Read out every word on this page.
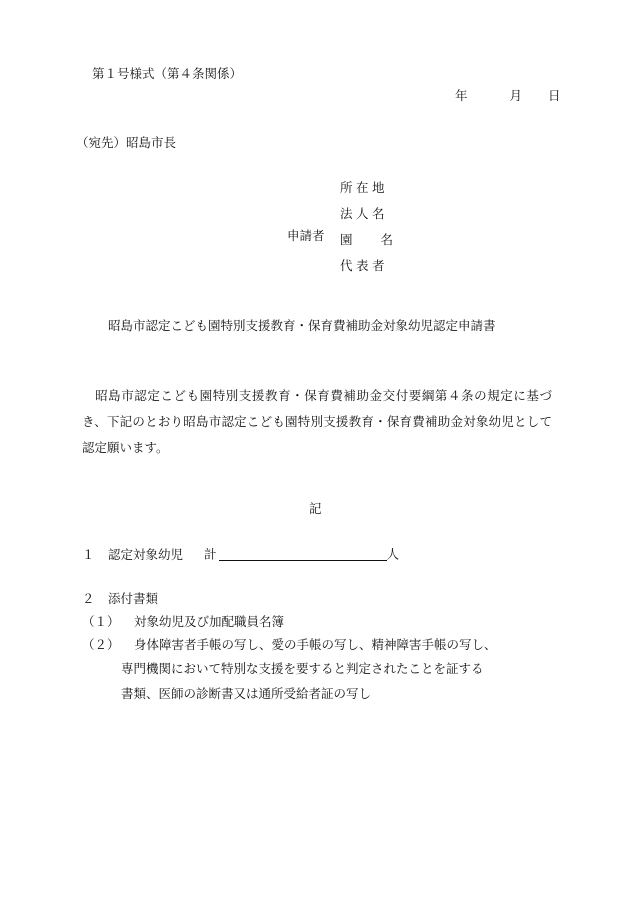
第１号様式（第４条関係）
年	月 日
（宛先）昭島市長
所在地
法人名
園名
代表者
申請者
昭島市認定こども園特別支援教育・保育費補助金対象幼児認定申請書
　昭島市認定こども園特別支援教育・保育費補助金交付要綱第４条の規定に基づき、下記のとおり昭島市認定こども園特別支援教育・保育費補助金対象幼児として認定願います。
記
１ 認定対象幼児 計	人
２ 添付書類
（１） 対象幼児及び加配職員名簿
（２） 身体障害者手帳の写し、愛の手帳の写し、精神障害手帳の写し、
専門機関において特別な支援を要すると判定されたことを証する
書類、医師の診断書又は通所受給者証の写し
